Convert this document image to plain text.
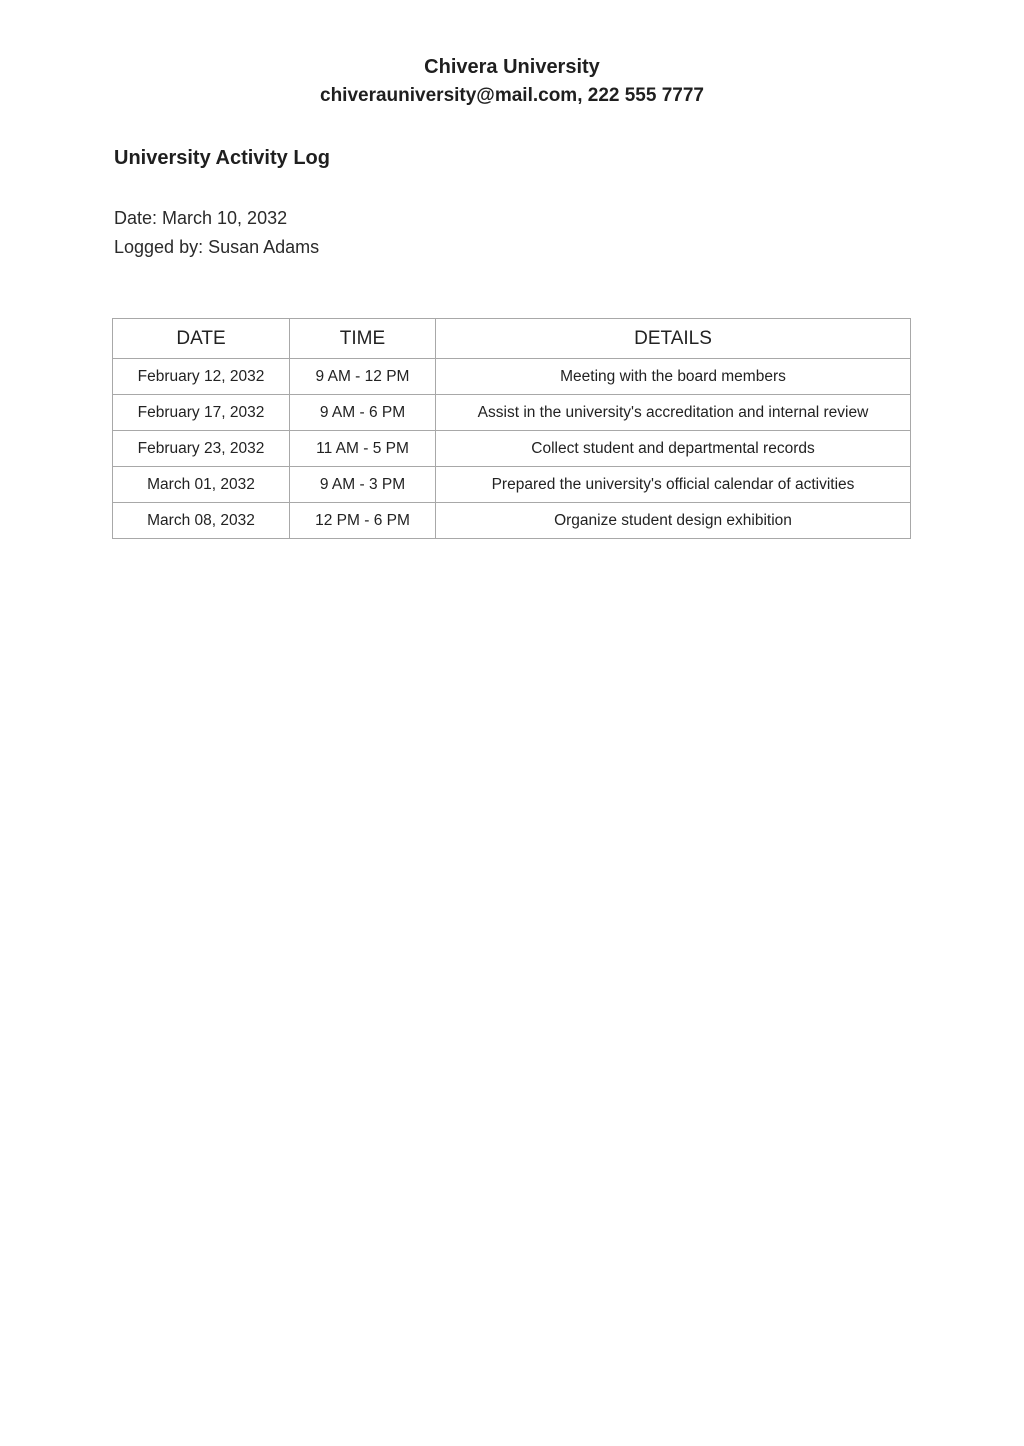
Chivera University
chiverauniversity@mail.com, 222 555 7777
University Activity Log
Date: March 10, 2032
Logged by: Susan Adams
DATE	TIME	DETAILS
February 12, 2032	9 AM - 12 PM	Meeting with the board members
February 17, 2032	9 AM - 6 PM	Assist in the university's accreditation and internal review
February 23, 2032	11 AM - 5 PM	Collect student and departmental records
March 01, 2032	9 AM - 3 PM	Prepared the university's official calendar of activities
March 08, 2032	12 PM - 6 PM	Organize student design exhibition
